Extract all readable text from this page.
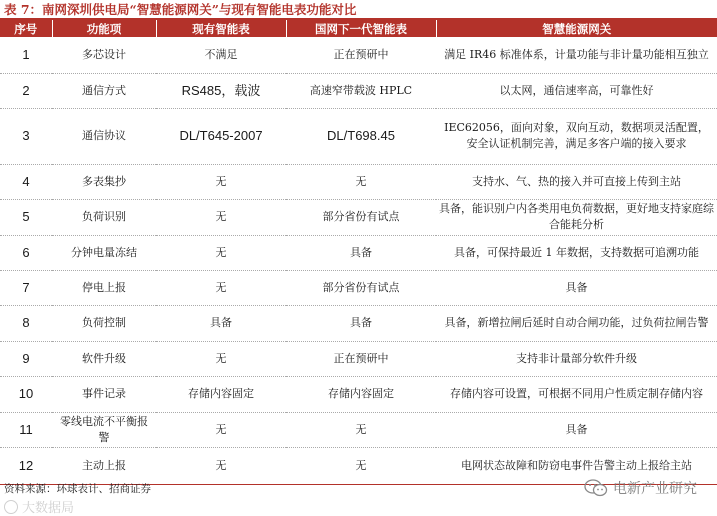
表 7：南网深圳供电局“智慧能源网关”与现有智能电表功能对比
序号	功能项	现有智能表	国网下一代智能表	智慧能源网关
1	多芯设计	不满足	正在预研中	满足 IR46 标准体系，计量功能与非计量功能相互独立
2	通信方式	RS485，载波	高速窄带载波 HPLC	以太网，通信速率高，可靠性好
3	通信协议	DL/T645-2007	DL/T698.45	IEC62056，面向对象，双向互动，数据项灵活配置，安全认证机制完善，满足多客户端的接入要求
4	多表集抄	无	无	支持水、气、热的接入并可直接上传到主站
5	负荷识别	无	部分省份有试点	具备，能识别户内各类用电负荷数据，更好地支持家庭综合能耗分析
6	分钟电量冻结	无	具备	具备，可保持最近 1 年数据，支持数据可追溯功能
7	停电上报	无	部分省份有试点	具备
8	负荷控制	具备	具备	具备，新增拉闸后延时自动合闸功能，过负荷拉闸告警
9	软件升级	无	正在预研中	支持非计量部分软件升级
10	事件记录	存储内容固定	存储内容固定	存储内容可设置，可根据不同用户性质定制存储内容
11	零线电流不平衡报警	无	无	具备
12	主动上报	无	无	电网状态故障和防窃电事件告警主动上报给主站
资料来源：环球表计、招商证券	电新产业研究
大数据局
